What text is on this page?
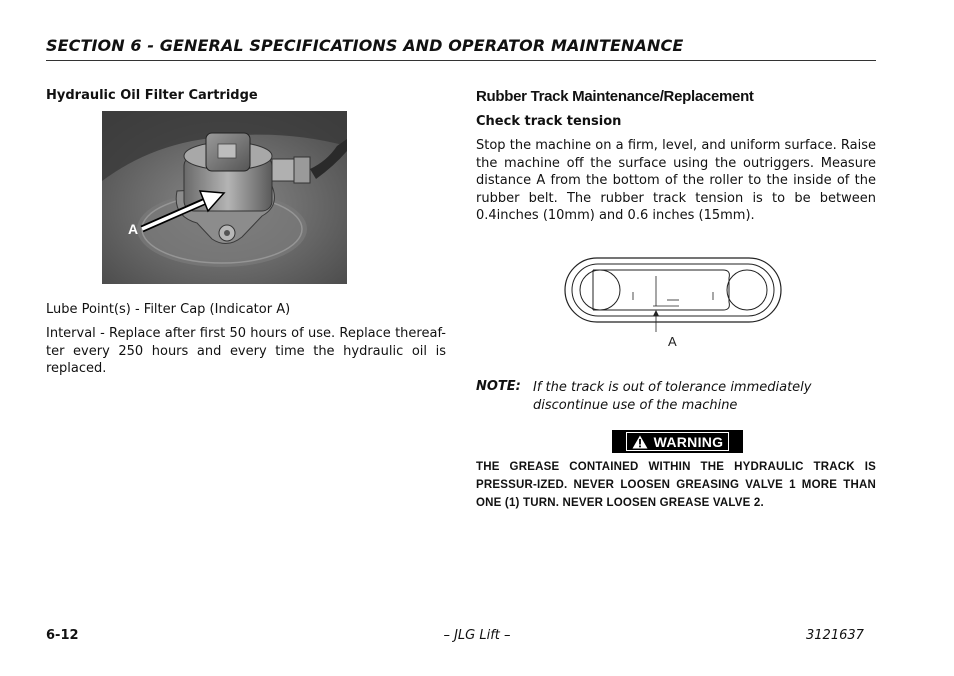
SECTION 6 - GENERAL SPECIFICATIONS AND OPERATOR MAINTENANCE
Hydraulic Oil Filter Cartridge
A
Lube Point(s) - Filter Cap (Indicator A)
Interval - Replace after first 50 hours of use. Replace thereaf-ter every 250 hours and every time the hydraulic oil is replaced.
Rubber Track Maintenance/Replacement
Check track tension
Stop the machine on a firm, level, and uniform surface. Raise the machine off the surface using the outriggers. Measure distance A from the bottom of the roller to the inside of the rubber belt. The rubber track tension is to be between 0.4inches (10mm) and 0.6 inches (15mm).
A
NOTE: If the track is out of tolerance immediately discontinue use of the machine
WARNING
THE GREASE CONTAINED WITHIN THE HYDRAULIC TRACK IS PRESSUR-IZED. NEVER LOOSEN GREASING VALVE 1 MORE THAN ONE (1) TURN. NEVER LOOSEN GREASE VALVE 2.
6-12	– JLG Lift –	3121637
